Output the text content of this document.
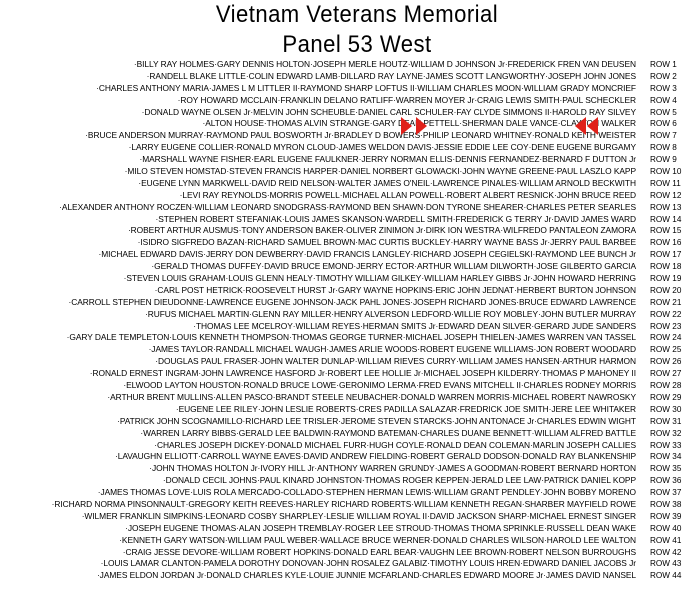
Vietnam Veterans Memorial
Panel 53 West
·BILLY RAY HOLMES·GARY DENNIS HOLTON·JOSEPH MERLE HOUTZ·WILLIAM D JOHNSON Jr·FREDERICK FREN VAN DEUSEN ROW 1
·RANDELL BLAKE LITTLE·COLIN EDWARD LAMB·DILLARD RAY LAYNE·JAMES SCOTT LANGWORTHY·JOSEPH JOHN JONES ROW 2
·CHARLES ANTHONY MARIA·JAMES L M LITTLER II·RAYMOND SHARP LOFTUS II·WILLIAM CHARLES MOON·WILLIAM GRADY MONCRIEF ROW 3
·ROY HOWARD MCCLAIN·FRANKLIN DELANO RATLIFF·WARREN MOYER Jr·CRAIG LEWIS SMITH·PAUL SCHECKLER ROW 4
·DONALD WAYNE OLSEN Jr·MELVIN JOHN SCHEUBLE·DANIEL CARL SCHULER·FAY CLYDE SIMMONS II·HAROLD RAY SILVEY ROW 5
·ALTON HOUSE·THOMAS ALVIN STRANGE·GARY DEAN PETTELL·SHERMAN DALE VANCE·CLAYTON WALKER ROW 6
·BRUCE ANDERSON MURRAY·RAYMOND PAUL BOSWORTH Jr·BRADLEY D BOWERS·PHILIP LEONARD WHITNEY·RONALD KEITH WEISTER ROW 7
·LARRY EUGENE COLLIER·RONALD MYRON CLOUD·JAMES WELDON DAVIS·JESSIE EDDIE LEE COY·DENE EUGENE BURGAMY ROW 8
·MARSHALL WAYNE FISHER·EARL EUGENE FAULKNER·JERRY NORMAN ELLIS·DENNIS FERNANDEZ·BERNARD F DUTTON Jr ROW 9
·MILO STEVEN HOMSTAD·STEVEN FRANCIS HARPER·DANIEL NORBERT GLOWACKI·JOHN WAYNE GREENE·PAUL LASZLO KAPP ROW 10
·EUGENE LYNN MARKWELL·DAVID REID NELSON·WALTER JAMES O'NEIL·LAWRENCE PINALES·WILLIAM ARNOLD BECKWITH ROW 11
·LEVI RAY REYNOLDS·MORRIS POWELL·MICHAEL ALLAN POWELL·ROBERT ALBERT RESNICK·JOHN BRUCE REED ROW 12
·ALEXANDER ANTHONY ROCZEN·WILLIAM LEONARD SNODGRASS·RAYMOND BEN SHAWN·DON TYRONE SHEARER·CHARLES PETER SEARLES ROW 13
·STEPHEN ROBERT STEFANIAK·LOUIS JAMES SKANSON·WARDELL SMITH·FREDERICK G TERRY Jr·DAVID JAMES WARD ROW 14
·ROBERT ARTHUR AUSMUS·TONY ANDERSON BAKER·OLIVER ZINIMON Jr·DIRK ION WESTRA·WILFREDO PANTALEON ZAMORA ROW 15
·ISIDRO SIGFREDO BAZAN·RICHARD SAMUEL BROWN·MAC CURTIS BUCKLEY·HARRY WAYNE BASS Jr·JERRY PAUL BARBEE ROW 16
·MICHAEL EDWARD DAVIS·JERRY DON DEWBERRY·DAVID FRANCIS LANGLEY·RICHARD JOSEPH CEGIELSKI·RAYMOND LEE BUNCH Jr ROW 17
·GERALD THOMAS DUFFEY·DAVID BRUCE EMOND·JERRY ECTOR·ARTHUR WILLIAM DILWORTH·JOSE GILBERTO GARCIA ROW 18
·STEVEN LOUIS GRAHAM·LOUIS GLENN HEALY·TIMOTHY WILLIAM GILKEY·WILLIAM HARLEY GIBBS Jr·JOHN HOWARD HERRING ROW 19
·CARL POST HETRICK·ROOSEVELT HURST Jr·GARY WAYNE HOPKINS·ERIC JOHN JEDNAT·HERBERT BURTON JOHNSON ROW 20
·CARROLL STEPHEN DIEUDONNE·LAWRENCE EUGENE JOHNSON·JACK PAHL JONES·JOSEPH RICHARD JONES·BRUCE EDWARD LAWRENCE ROW 21
·RUFUS MICHAEL MARTIN·GLENN RAY MILLER·HENRY ALVERSON LEDFORD·WILLIE ROY MOBLEY·JOHN BUTLER MURRAY ROW 22
·THOMAS LEE MCELROY·WILLIAM REYES·HERMAN SMITS Jr·EDWARD DEAN SILVER·GERARD JUDE SANDERS ROW 23
·GARY DALE TEMPLETON·LOUIS KENNETH THOMPSON·THOMAS GEORGE TURNER·MICHAEL JOSEPH THIELEN·JAMES WARREN VAN TASSEL ROW 24
·JAMES TAYLOR·RANDALL MICHAEL WAUGH·JAMES ARLIE WOODS·ROBERT EUGENE WILLIAMS·JON ROBERT WOODARD ROW 25
·DOUGLAS PAUL FRASER·JOHN WALTER DUNLAP·WILLIAM RIEVES CURRY·WILLIAM JAMES HANSEN·ARTHUR HARMON ROW 26
·RONALD ERNEST INGRAM·JOHN LAWRENCE HASFORD Jr·ROBERT LEE HOLLIE Jr·MICHAEL JOSEPH KILDERRY·THOMAS P MAHONEY II ROW 27
·ELWOOD LAYTON HOUSTON·RONALD BRUCE LOWE·GERONIMO LERMA·FRED EVANS MITCHELL II·CHARLES RODNEY MORRIS ROW 28
·ARTHUR BRENT MULLINS·ALLEN PASCO·BRANDT STEELE NEUBACHER·DONALD WARREN MORRIS·MICHAEL ROBERT NAWROSKY ROW 29
·EUGENE LEE RILEY·JOHN LESLIE ROBERTS·CRES PADILLA SALAZAR·FREDRICK JOE SMITH·JERE LEE WHITAKER ROW 30
·PATRICK JOHN SCOGNAMILLO·RICHARD LEE TRISLER·JEROME STEVEN STARCKS·JOHN ANTONACE Jr·CHARLES EDWIN WIGHT ROW 31
·WARREN LARRY BIBBS·GERALD LEE BALDWIN·RAYMOND BATEMAN·CHARLES DUANE BENNETT·WILLIAM ALFRED BATTLE ROW 32
·CHARLES JOSEPH DICKEY·DONALD MICHAEL FURR·HUGH COYLE·RONALD DEAN COLEMAN·MARLIN JOSEPH CALLIES ROW 33
·LAVAUGHN ELLIOTT·CARROLL WAYNE EAVES·DAVID ANDREW FIELDING·ROBERT GERALD DODSON·DONALD RAY BLANKENSHIP ROW 34
·JOHN THOMAS HOLTON Jr·IVORY HILL Jr·ANTHONY WARREN GRUNDY·JAMES A GOODMAN·ROBERT BERNARD HORTON ROW 35
·DONALD CECIL JOHNS·PAUL KINARD JOHNSTON·THOMAS ROGER KEPPEN·JERALD LEE LAW·PATRICK DANIEL KOPP ROW 36
·JAMES THOMAS LOVE·LUIS ROLA MERCADO-COLLADO·STEPHEN HERMAN LEWIS·WILLIAM GRANT PENDLEY·JOHN BOBBY MORENO ROW 37
·RICHARD NORMA PINSONNAULT·GREGORY KEITH REEVES·HARLEY RICHARD ROBERTS·WILLIAM KENNETH REGAN·SHARBER MAYFIELD ROWE ROW 38
·WILMER FRANKLIN SIMPKINS·LEONARD COSBY SHARPLEY·LESLIE WILLIAM ROYAL II·DAVID JACKSON SHARP·MICHAEL ERNEST SINGER ROW 39
·JOSEPH EUGENE THOMAS·ALAN JOSEPH TREMBLAY·ROGER LEE STROUD·THOMAS THOMA SPRINKLE·RUSSELL DEAN WAKE ROW 40
·KENNETH GARY WATSON·WILLIAM PAUL WEBER·WALLACE BRUCE WERNER·DONALD CHARLES WILSON·HAROLD LEE WALTON ROW 41
·CRAIG JESSE DEVORE·WILLIAM ROBERT HOPKINS·DONALD EARL BEAR·VAUGHN LEE BROWN·ROBERT NELSON BURROUGHS ROW 42
·LOUIS LAMAR CLANTON·PAMELA DOROTHY DONOVAN·JOHN ROSALEZ GALABIZ·TIMOTHY LOUIS HREN·EDWARD DANIEL JACOBS Jr ROW 43
·JAMES ELDON JORDAN Jr·DONALD CHARLES KYLE·LOUIE JUNNIE MCFARLAND·CHARLES EDWARD MOORE Jr·JAMES DAVID NANSEL ROW 44
